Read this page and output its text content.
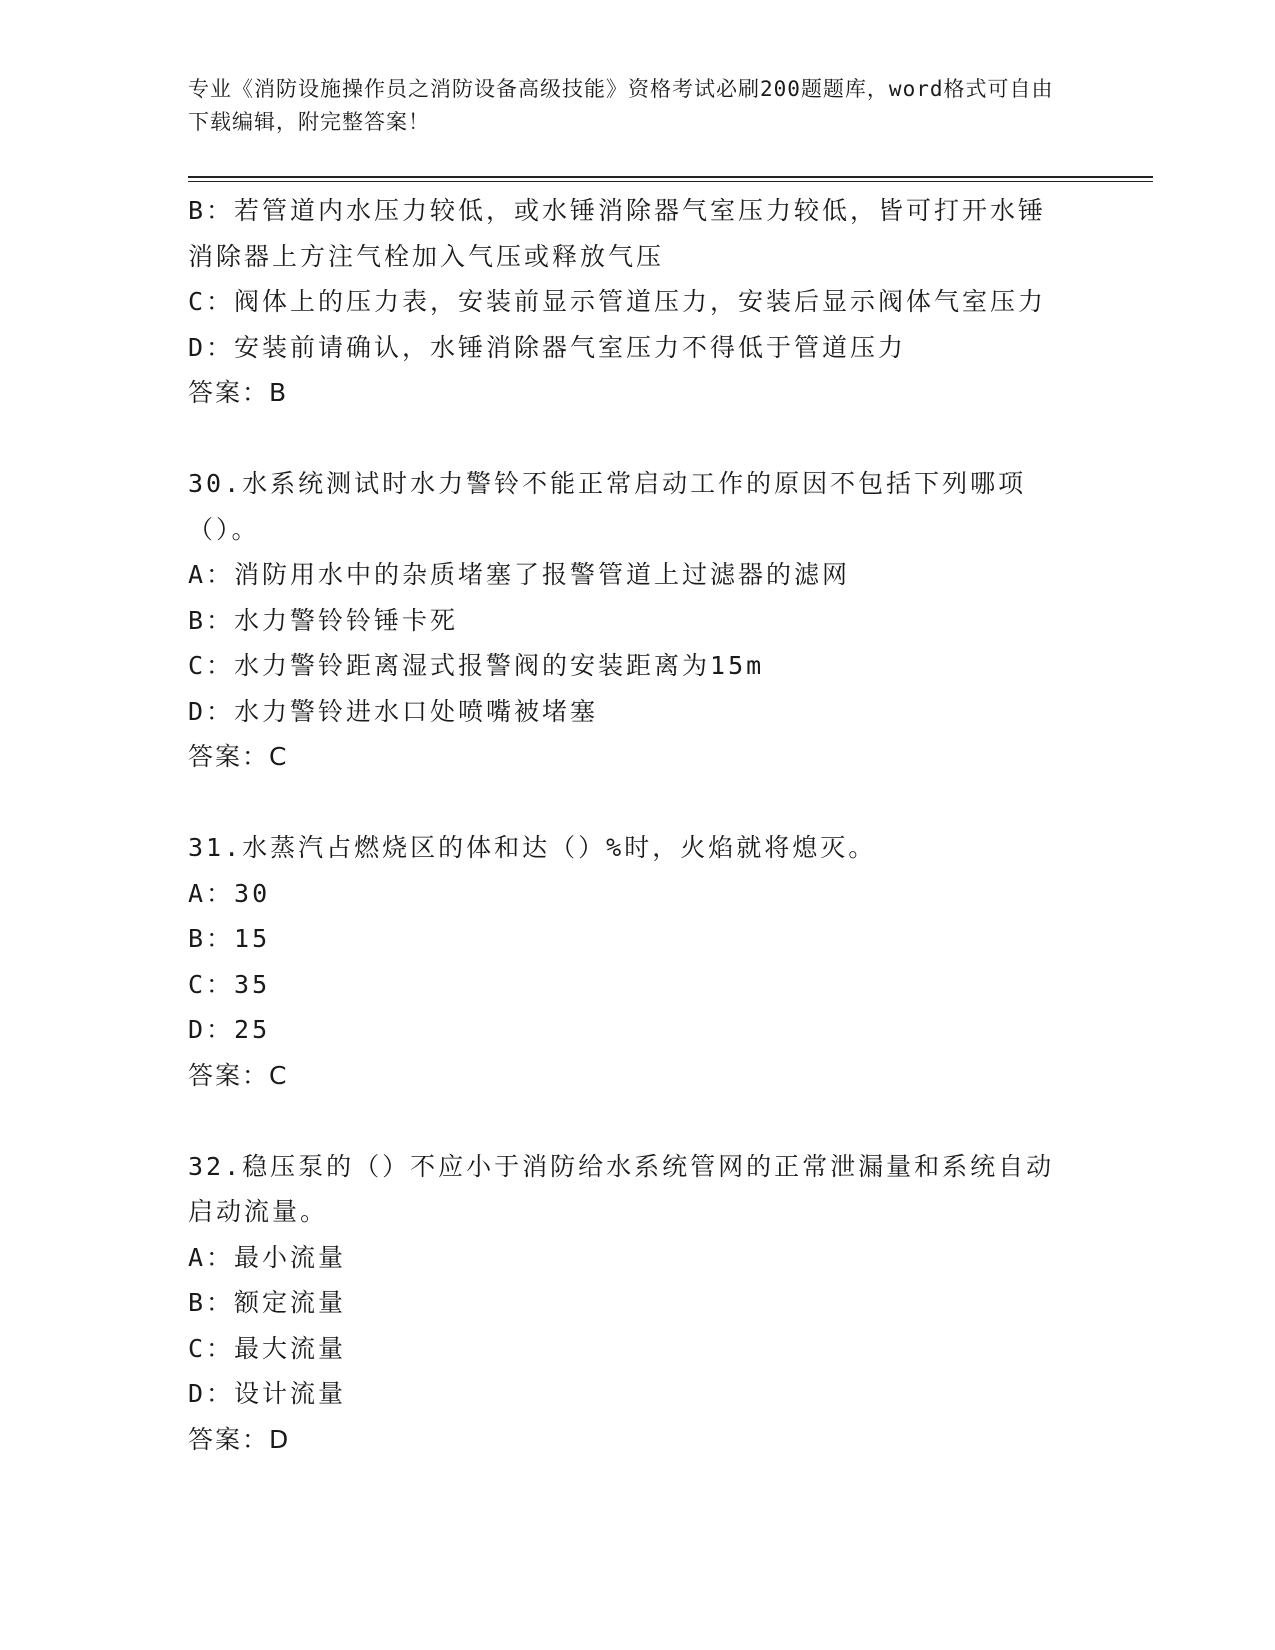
专业《消防设施操作员之消防设备高级技能》资格考试必刷200题题库，word格式可自由下载编辑，附完整答案！

B：若管道内水压力较低，或水锤消除器气室压力较低，皆可打开水锤消除器上方注气栓加入气压或释放气压

C：阀体上的压力表，安装前显示管道压力，安装后显示阀体气室压力

D：安装前请确认，水锤消除器气室压力不得低于管道压力

答案：B

30.水系统测试时水力警铃不能正常启动工作的原因不包括下列哪项（）。

A：消防用水中的杂质堵塞了报警管道上过滤器的滤网

B：水力警铃铃锤卡死

C：水力警铃距离湿式报警阀的安装距离为15m

D：水力警铃进水口处喷嘴被堵塞

答案：C

31.水蒸汽占燃烧区的体和达（）%时，火焰就将熄灭。

A：30

B：15

C：35

D：25

答案：C

32.稳压泵的（）不应小于消防给水系统管网的正常泄漏量和系统自动启动流量。

A：最小流量

B：额定流量

C：最大流量

D：设计流量

答案：D
